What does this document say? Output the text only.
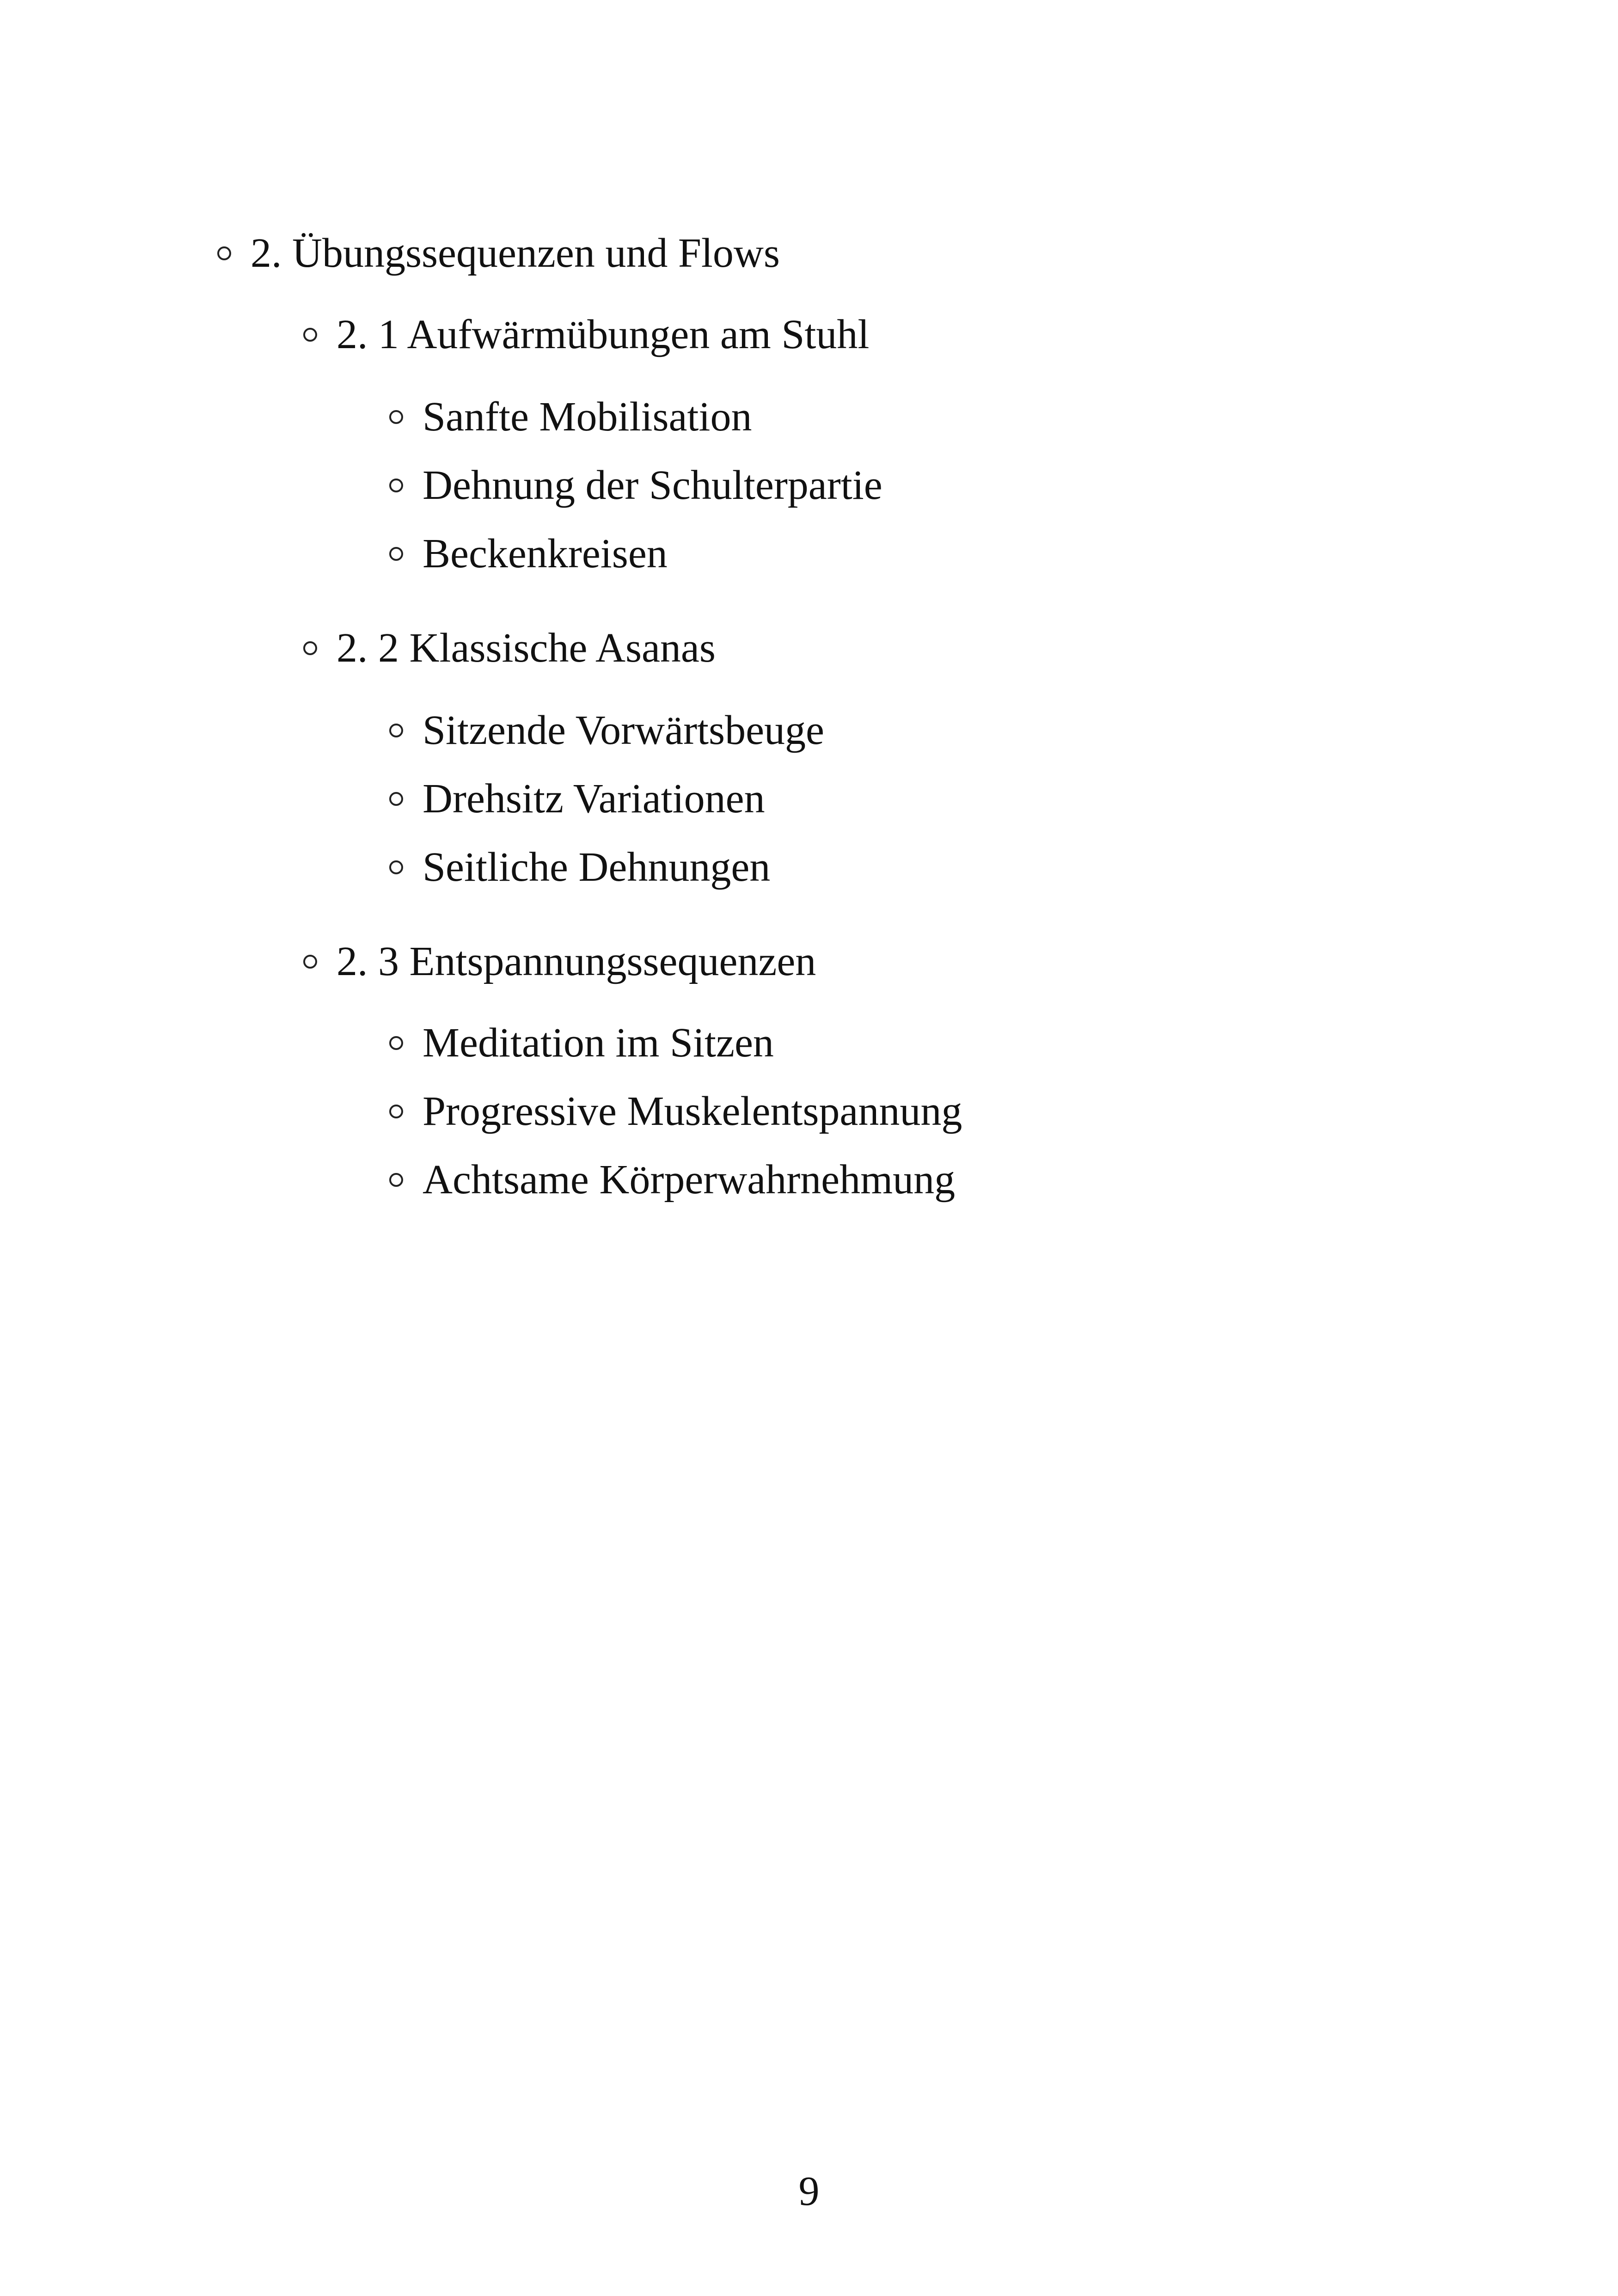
2. Übungssequenzen und Flows
2. 1 Aufwärmübungen am Stuhl
Sanfte Mobilisation
Dehnung der Schulterpartie
Beckenkreisen
2. 2 Klassische Asanas
Sitzende Vorwärtsbeuge
Drehsitz Variationen
Seitliche Dehnungen
2. 3 Entspannungssequenzen
Meditation im Sitzen
Progressive Muskelentspannung
Achtsame Körperwahrnehmung
9
